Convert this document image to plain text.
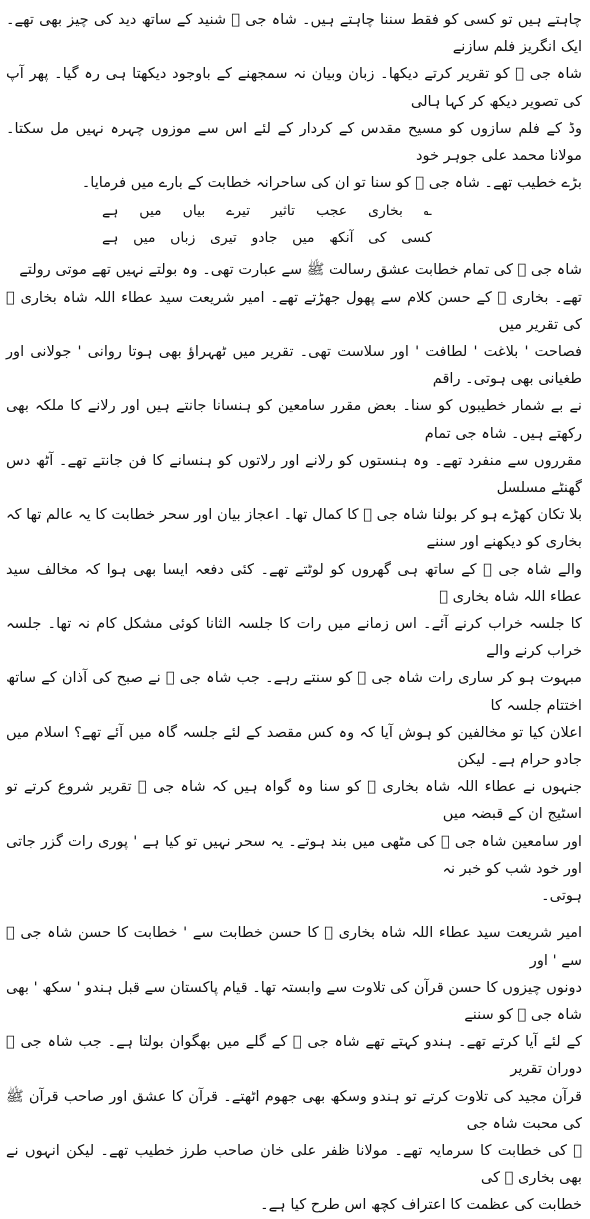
چاہتے ہیں تو کسی کو فقط سننا چاہتے ہیں۔ شاہ جی ﷫ شنید کے ساتھ دید کی چیز بھی تھے۔ ایک انگریز فلم سازنے

شاہ جی ﷫ کو تقریر کرتے دیکھا۔ زبان وبیان نہ سمجھنے کے باوجود دیکھتا ہی رہ گیا۔ پھر آپ کی تصویر دیکھ کر کہا ہالی

وڈ کے فلم سازوں کو مسیح مقدس کے کردار کے لئے اس سے موزوں چہرہ نہیں مل سکتا۔ مولانا محمد علی جوہر خود

بڑے خطیب تھے۔ شاہ جی ﷫ کو سنا تو ان کی ساحرانہ خطابت کے بارے میں فرمایا۔

؎ بخاری عجب تاثیر تیرے بیاں میں ہے
کسی کی آنکھ میں جادو تیری زباں میں ہے

شاہ جی ﷫ کی تمام خطابت عشق رسالت ﷺ سے عبارت تھی۔ وہ بولتے نہیں تھے موتی رولتے

تھے۔ بخاری ﷫ کے حسن کلام سے پھول جھڑتے تھے۔ امیر شریعت سید عطاء اللہ شاہ بخاری ﷫ کی تقریر میں

فصاحت ' بلاغت ' لطافت ' اور سلاست تھی۔ تقریر میں ٹھہراؤ بھی ہوتا روانی ' جولانی اور طغیانی بھی ہوتی۔ راقم

نے بے شمار خطیبوں کو سنا۔ بعض مقرر سامعین کو ہنسانا جانتے ہیں اور رلانے کا ملکہ بھی رکھتے ہیں۔ شاہ جی تمام

مقرروں سے منفرد تھے۔ وہ ہنستوں کو رلانے اور رلاتوں کو ہنسانے کا فن جانتے تھے۔ آٹھ دس گھنٹے مسلسل

بلا تکان کھڑے ہو کر بولنا شاہ جی ﷫ کا کمال تھا۔ اعجاز بیان اور سحر خطابت کا یہ عالم تھا کہ بخاری کو دیکھنے اور سننے

والے شاہ جی ﷫ کے ساتھ ہی گھروں کو لوٹتے تھے۔ کئی دفعہ ایسا بھی ہوا کہ مخالف سید عطاء اللہ شاہ بخاری ﷫

کا جلسہ خراب کرنے آئے۔ اس زمانے میں رات کا جلسہ الثانا کوئی مشکل کام نہ تھا۔ جلسہ خراب کرنے والے

مبہوت ہو کر ساری رات شاہ جی ﷫ کو سنتے رہے۔ جب شاہ جی ﷫ نے صبح کی آذان کے ساتھ اختتام جلسہ کا

اعلان کیا تو مخالفین کو ہوش آیا کہ وہ کس مقصد کے لئے جلسہ گاہ میں آئے تھے؟ اسلام میں جادو حرام ہے۔ لیکن

جنہوں نے عطاء اللہ شاہ بخاری ﷫ کو سنا وہ گواہ ہیں کہ شاہ جی ﷫ تقریر شروع کرتے تو اسٹیج ان کے قبضہ میں

اور سامعین شاہ جی ﷫ کی مٹھی میں بند ہوتے۔ یہ سحر نہیں تو کیا ہے ' پوری رات گزر جاتی اور خود شب کو خبر نہ

ہوتی۔

امیر شریعت سید عطاء اللہ شاہ بخاری ﷫ کا حسن خطابت سے ' خطابت کا حسن شاہ جی ﷫ سے ' اور

دونوں چیزوں کا حسن قرآن کی تلاوت سے وابستہ تھا۔ قیام پاکستان سے قبل ہندو ' سکھ ' بھی شاہ جی ﷫ کو سننے

کے لئے آیا کرتے تھے۔ ہندو کہتے تھے شاہ جی ﷫ کے گلے میں بھگوان بولتا ہے۔ جب شاہ جی ﷫ دوران تقریر

قرآن مجید کی تلاوت کرتے تو ہندو وسکھ بھی جھوم اٹھتے۔ قرآن کا عشق اور صاحب قرآن ﷺ کی محبت شاہ جی

﷫ کی خطابت کا سرمایہ تھے۔ مولانا ظفر علی خان صاحب طرز خطیب تھے۔ لیکن انہوں نے بھی بخاری ﷫ کی

خطابت کی عظمت کا اعتراف کچھ اس طرح کیا ہے۔
